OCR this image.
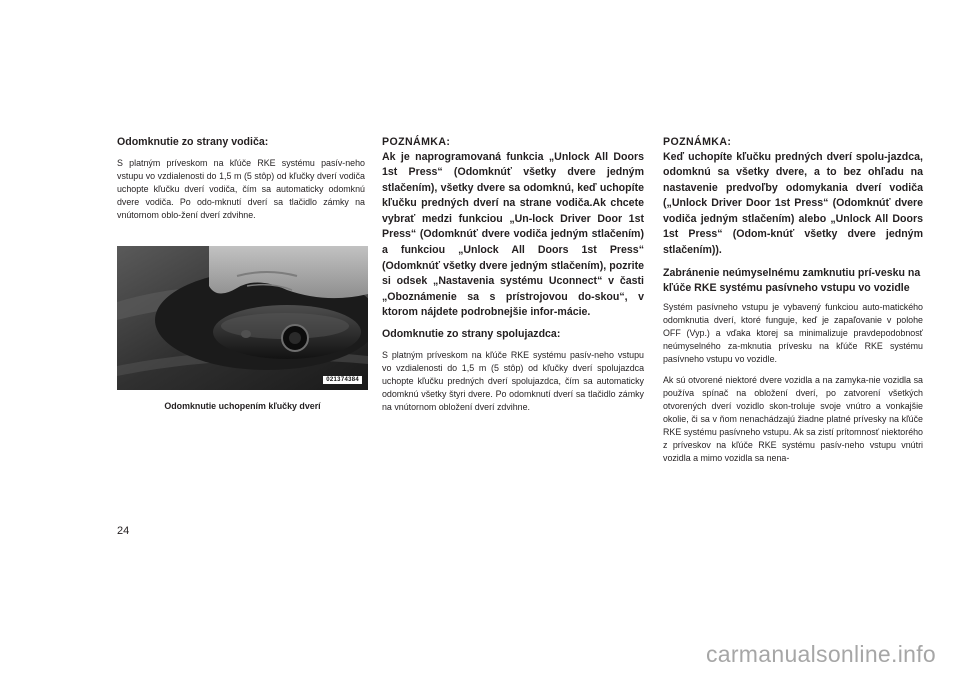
Odomknutie zo strany vodiča:

S platným príveskom na kľúče RKE systému pasív-neho vstupu vo vzdialenosti do 1,5 m (5 stôp) od kľučky dverí vodiča uchopte kľučku dverí vodiča, čím sa automaticky odomknú dvere vodiča. Po odo-mknutí dverí sa tlačidlo zámky na vnútornom oblo-žení dverí zdvihne.

021374384
Odomknutie uchopením kľučky dverí

POZNÁMKA:

Ak je naprogramovaná funkcia „Unlock All Doors 1st Press“ (Odomknúť všetky dvere jedným stlačením), všetky dvere sa odomknú, keď uchopíte kľučku predných dverí na strane vodiča.Ak chcete vybrať medzi funkciou „Un-lock Driver Door 1st Press“ (Odomknúť dvere vodiča jedným stlačením) a funkciou „Unlock All Doors 1st Press“ (Odomknúť všetky dvere jedným stlačením), pozrite si odsek „Nastavenia systému Uconnect“ v časti „Oboznámenie sa s prístrojovou do-skou“, v ktorom nájdete podrobnejšie infor-mácie.

Odomknutie zo strany spolujazdca:

S platným príveskom na kľúče RKE systému pasív-neho vstupu vo vzdialenosti do 1,5 m (5 stôp) od kľučky dverí spolujazdca uchopte kľučku predných dverí spolujazdca, čím sa automaticky odomknú všetky štyri dvere. Po odomknutí dverí sa tlačidlo zámky na vnútornom obložení dverí zdvihne.

POZNÁMKA:

Keď uchopíte kľučku predných dverí spolu-jazdca, odomknú sa všetky dvere, a to bez ohľadu na nastavenie predvoľby odomykania dverí vodiča („Unlock Driver Door 1st Press“ (Odomknúť dvere vodiča jedným stlačením) alebo „Unlock All Doors 1st Press“ (Odom-knúť všetky dvere jedným stlačením)).

Zabránenie neúmyselnému zamknutiu prí-vesku na kľúče RKE systému pasívneho vstupu vo vozidle

Systém pasívneho vstupu je vybavený funkciou auto-matického odomknutia dverí, ktoré funguje, keď je zapaľovanie v polohe OFF (Vyp.) a vďaka ktorej sa minimalizuje pravdepodobnosť neúmyselného za-mknutia prívesku na kľúče RKE systému pasívneho vstupu vo vozidle.

Ak sú otvorené niektoré dvere vozidla a na zamyka-nie vozidla sa používa spínač na obložení dverí, po zatvorení všetkých otvorených dverí vozidlo skon-troluje svoje vnútro a vonkajšie okolie, či sa v ňom nenachádzajú žiadne platné prívesky na kľúče RKE systému pasívneho vstupu. Ak sa zistí prítomnosť niektorého z príveskov na kľúče RKE systému pasív-neho vstupu vnútri vozidla a mimo vozidla sa nena-

24
carmanualsonline.info
